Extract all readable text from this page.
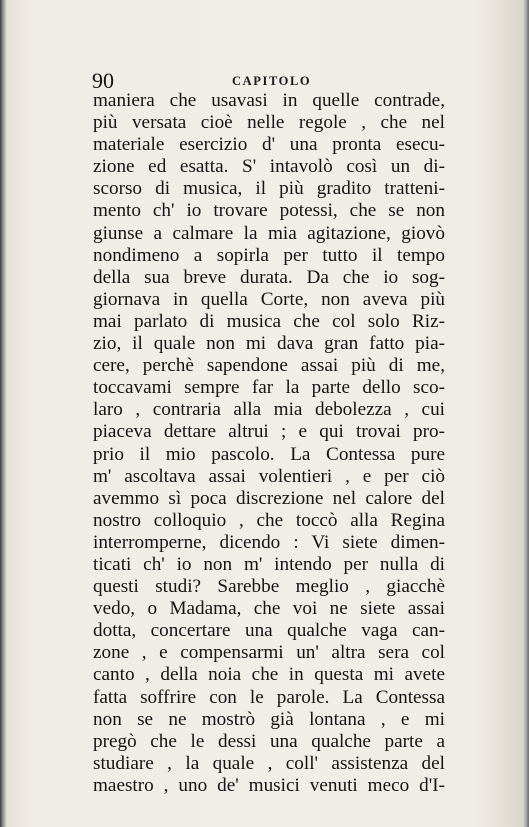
90	CAPITOLO
maniera che usavasi in quelle contrade,
più versata cioè nelle regole , che nel
materiale esercizio d' una pronta esecu-
zione ed esatta. S' intavolò così un di-
scorso di musica, il più gradito tratteni-
mento ch' io trovare potessi, che se non
giunse a calmare la mia agitazione, giovò
nondimeno a sopirla per tutto il tempo
della sua breve durata. Da che io sog-
giornava in quella Corte, non aveva più
mai parlato di musica che col solo Riz-
zio, il quale non mi dava gran fatto pia-
cere, perchè sapendone assai più di me,
toccavami sempre far la parte dello sco-
laro , contraria alla mia debolezza , cui
piaceva dettare altrui ; e qui trovai pro-
prio il mio pascolo. La Contessa pure
m' ascoltava assai volentieri , e per ciò
avemmo sì poca discrezione nel calore del
nostro colloquio , che toccò alla Regina
interromperne, dicendo : Vi siete dimen-
ticati ch' io non m' intendo per nulla di
questi studi? Sarebbe meglio , giacchè
vedo, o Madama, che voi ne siete assai
dotta, concertare una qualche vaga can-
zone , e compensarmi un' altra sera col
canto , della noia che in questa mi avete
fatta soffrire con le parole. La Contessa
non se ne mostrò già lontana , e mi
pregò che le dessi una qualche parte a
studiare , la quale , coll' assistenza del
maestro , uno de' musici venuti meco d'I-
